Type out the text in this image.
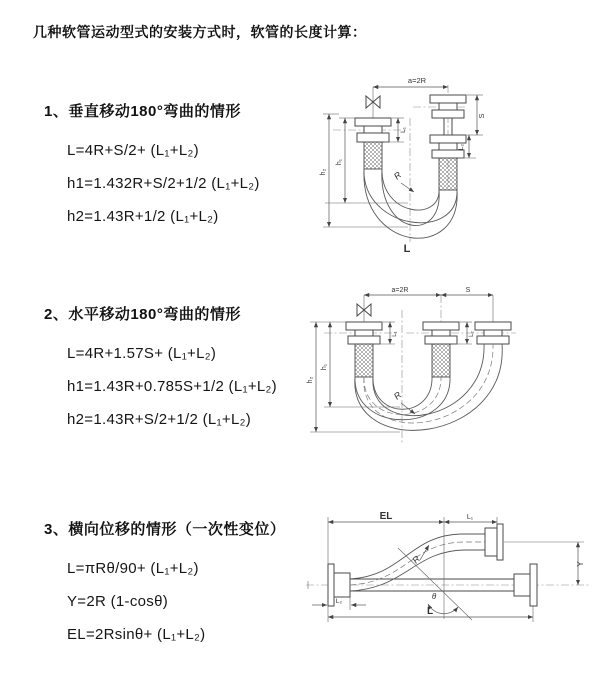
几种软管运动型式的安装方式时，软管的长度计算：
1、垂直移动180°弯曲的情形
L=4R+S/2+ (L₁+L₂)
h1=1.432R+S/2+1/2 (L₁+L₂)
h2=1.43R+1/2 (L₁+L₂)
2、水平移动180°弯曲的情形
L=4R+1.57S+ (L₁+L₂)
h1=1.43R+0.785S+1/2 (L₁+L₂)
h2=1.43R+S/2+1/2 (L₁+L₂)
3、横向位移的情形（一次性变位）
L=πRθ/90+ (L₁+L₂)
Y=2R (1-cosθ)
EL=2Rsinθ+ (L₁+L₂)
a=2R
h₁
h₂
L₁
S
L₂
R
L
a=2R	S
L₁	L₂
h₁
h₂
R
EL	L₁
Y
θ
R
L₂
L
